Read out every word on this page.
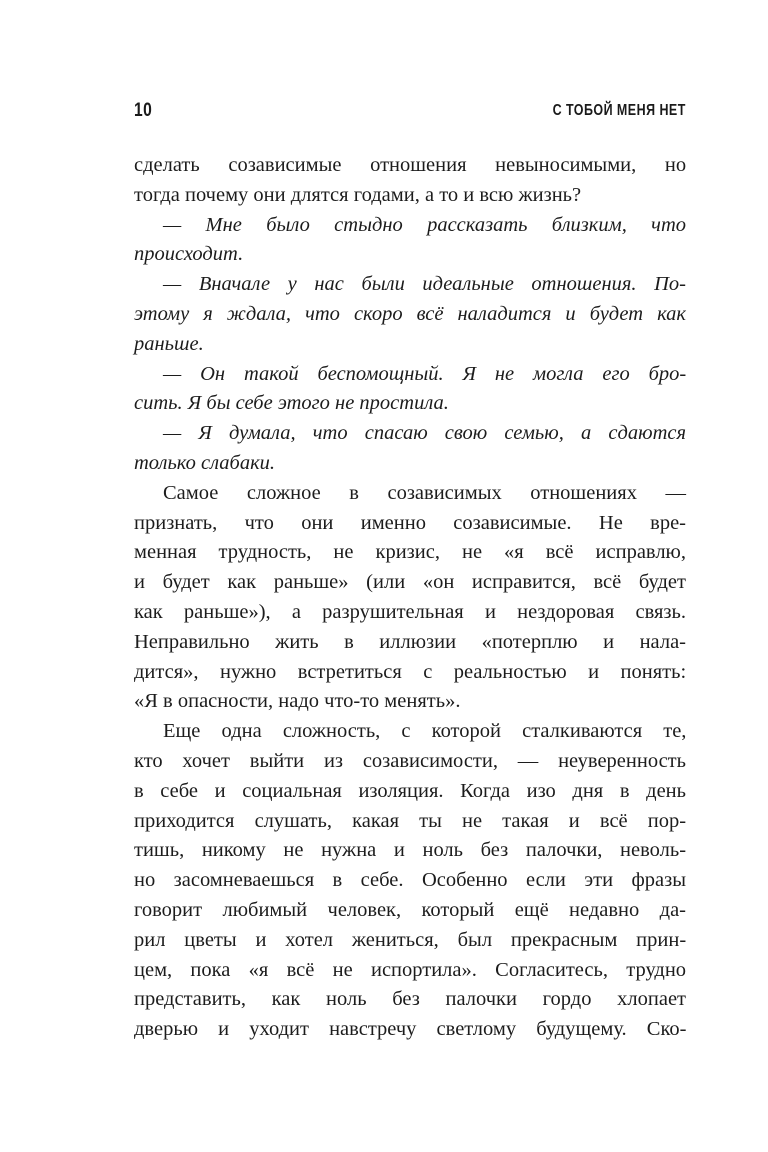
10	С ТОБОЙ МЕНЯ НЕТ
сделать созависимые отношения невыносимыми, но
тогда почему они длятся годами, а то и всю жизнь?
— Мне было стыдно рассказать близким, что
происходит.
— Вначале у нас были идеальные отношения. По-
этому я ждала, что скоро всё наладится и будет как
раньше.
— Он такой беспомощный. Я не могла его бро-
сить. Я бы себе этого не простила.
— Я думала, что спасаю свою семью, а сдаются
только слабаки.
Самое сложное в созависимых отношениях —
признать, что они именно созависимые. Не вре-
менная трудность, не кризис, не «я всё исправлю,
и будет как раньше» (или «он исправится, всё будет
как раньше»), а разрушительная и нездоровая связь.
Неправильно жить в иллюзии «потерплю и нала-
дится», нужно встретиться с реальностью и понять:
«Я в опасности, надо что-то менять».
Еще одна сложность, с которой сталкиваются те,
кто хочет выйти из созависимости, — неуверенность
в себе и социальная изоляция. Когда изо дня в день
приходится слушать, какая ты не такая и всё пор-
тишь, никому не нужна и ноль без палочки, неволь-
но засомневаешься в себе. Особенно если эти фразы
говорит любимый человек, который ещё недавно да-
рил цветы и хотел жениться, был прекрасным прин-
цем, пока «я всё не испортила». Согласитесь, трудно
представить, как ноль без палочки гордо хлопает
дверью и уходит навстречу светлому будущему. Ско-
